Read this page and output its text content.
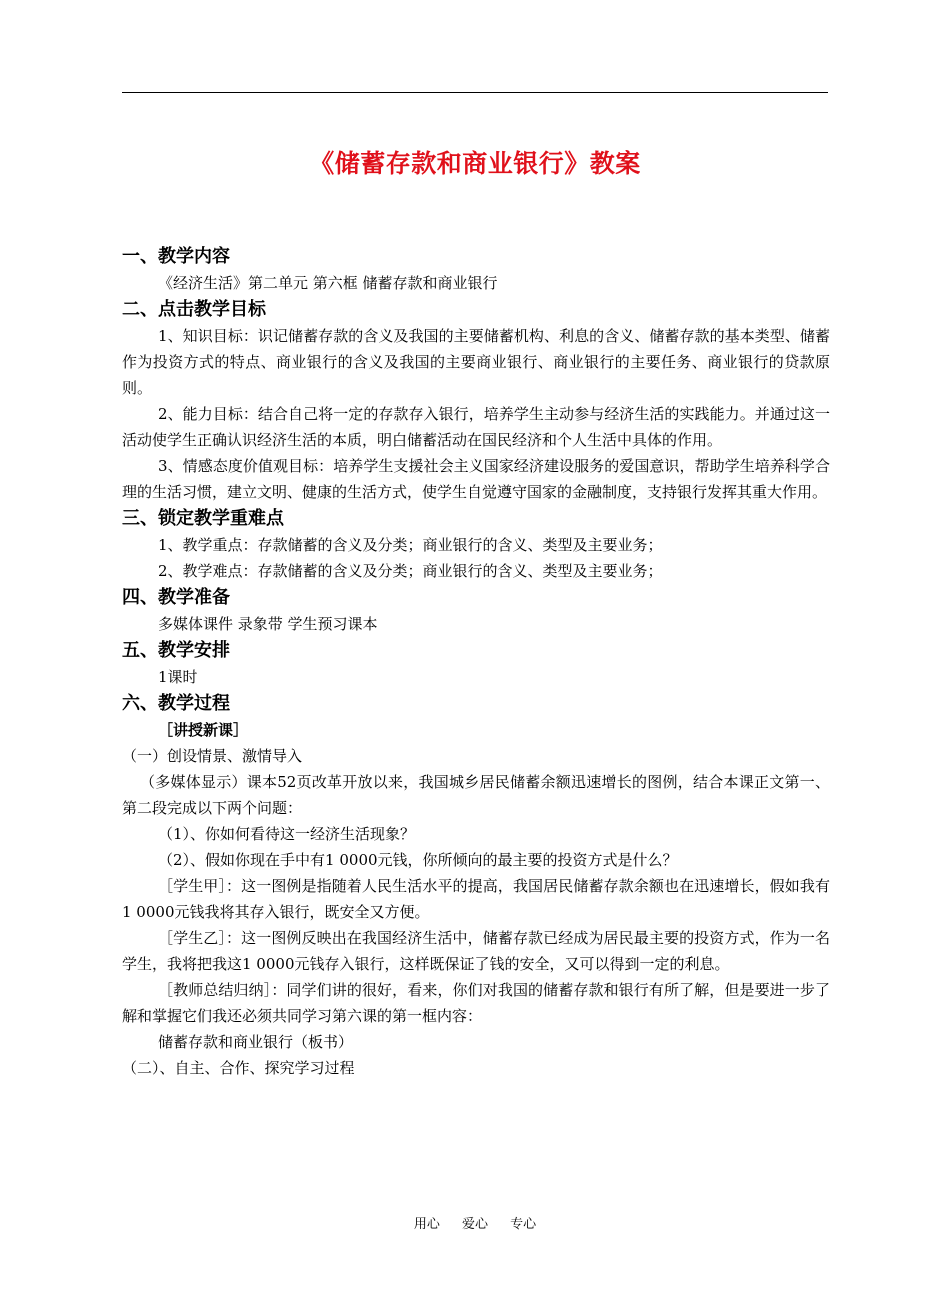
《储蓄存款和商业银行》教案

一、教学内容

《经济生活》第二单元 第六框 储蓄存款和商业银行

二、点击教学目标

1、知识目标：识记储蓄存款的含义及我国的主要储蓄机构、利息的含义、储蓄存款的基本类型、储蓄作为投资方式的特点、商业银行的含义及我国的主要商业银行、商业银行的主要任务、商业银行的贷款原则。

2、能力目标：结合自己将一定的存款存入银行，培养学生主动参与经济生活的实践能力。并通过这一活动使学生正确认识经济生活的本质，明白储蓄活动在国民经济和个人生活中具体的作用。

3、情感态度价值观目标：培养学生支援社会主义国家经济建设服务的爱国意识，帮助学生培养科学合理的生活习惯，建立文明、健康的生活方式，使学生自觉遵守国家的金融制度，支持银行发挥其重大作用。

三、锁定教学重难点

1、教学重点：存款储蓄的含义及分类；商业银行的含义、类型及主要业务；

2、教学难点：存款储蓄的含义及分类；商业银行的含义、类型及主要业务；

四、教学准备

多媒体课件 录象带 学生预习课本

五、教学安排

1课时

六、教学过程

［讲授新课］

（一）创设情景、激情导入

（多媒体显示）课本52页改革开放以来，我国城乡居民储蓄余额迅速增长的图例，结合本课正文第一、第二段完成以下两个问题：

（1）、你如何看待这一经济生活现象？

（2）、假如你现在手中有1 0000元钱，你所倾向的最主要的投资方式是什么？

［学生甲］：这一图例是指随着人民生活水平的提高，我国居民储蓄存款余额也在迅速增长，假如我有1 0000元钱我将其存入银行，既安全又方便。

［学生乙］：这一图例反映出在我国经济生活中，储蓄存款已经成为居民最主要的投资方式，作为一名学生，我将把我这1 0000元钱存入银行，这样既保证了钱的安全，又可以得到一定的利息。

［教师总结归纳］：同学们讲的很好，看来，你们对我国的储蓄存款和银行有所了解，但是要进一步了解和掌握它们我还必须共同学习第六课的第一框内容：

储蓄存款和商业银行（板书）

（二）、自主、合作、探究学习过程

用心 爱心 专心
